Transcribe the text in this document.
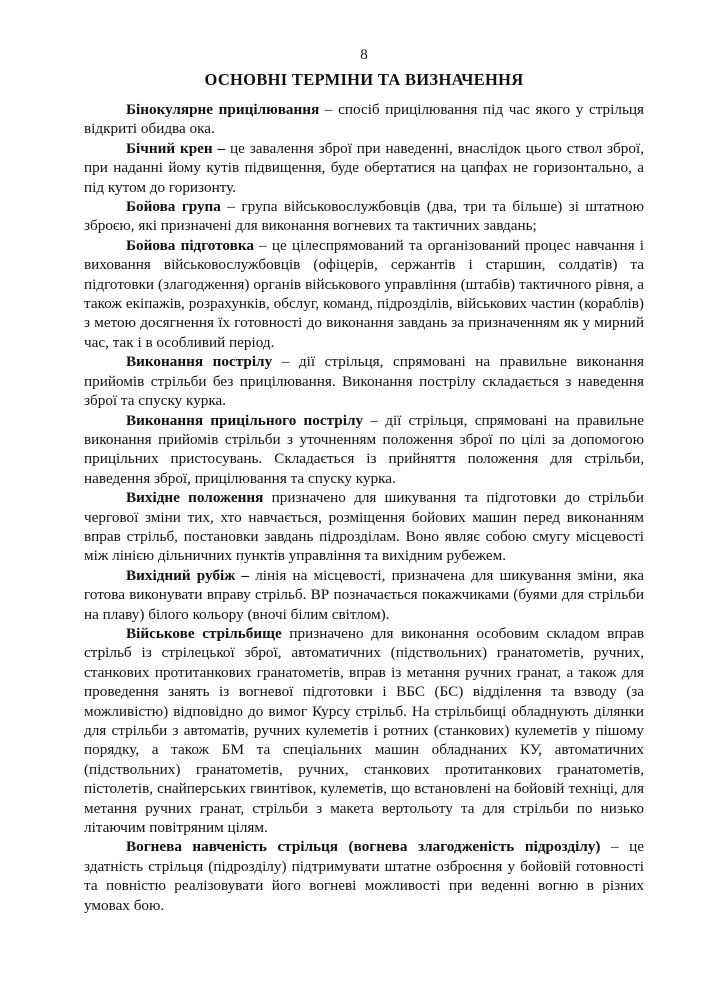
8
ОСНОВНІ ТЕРМІНИ ТА ВИЗНАЧЕННЯ

Бінокулярне прицілювання – спосіб прицілювання під час якого у стрільця відкриті обидва ока.

Бічний крен – це завалення зброї при наведенні, внаслідок цього ствол зброї, при наданні йому кутів підвищення, буде обертатися на цапфах не горизонтально, а під кутом до горизонту.

Бойова група – група військовослужбовців (два, три та більше) зі штатною зброєю, які призначені для виконання вогневих та тактичних завдань;

Бойова підготовка – це цілеспрямований та організований процес навчання і виховання військовослужбовців (офіцерів, сержантів і старшин, солдатів) та підготовки (злагодження) органів військового управління (штабів) тактичного рівня, а також екіпажів, розрахунків, обслуг, команд, підрозділів, військових частин (кораблів) з метою досягнення їх готовності до виконання завдань за призначенням як у мирний час, так і в особливий період.

Виконання пострілу – дії стрільця, спрямовані на правильне виконання прийомів стрільби без прицілювання. Виконання пострілу складається з наведення зброї та спуску курка.

Виконання прицільного пострілу – дії стрільця, спрямовані на правильне виконання прийомів стрільби з уточненням положення зброї по цілі за допомогою прицільних пристосувань. Складається із прийняття положення для стрільби, наведення зброї, прицілювання та спуску курка.

Вихідне положення призначено для шикування та підготовки до стрільби чергової зміни тих, хто навчається, розміщення бойових машин перед виконанням вправ стрільб, постановки завдань підрозділам. Воно являє собою смугу місцевості між лінією дільничних пунктів управління та вихідним рубежем.

Вихідний рубіж – лінія на місцевості, призначена для шикування зміни, яка готова виконувати вправу стрільб. ВР позначається покажчиками (буями для стрільби на плаву) білого кольору (вночі білим світлом).

Військове стрільбище призначено для виконання особовим складом вправ стрільб із стрілецької зброї, автоматичних (підствольних) гранатометів, ручних, станкових протитанкових гранатометів, вправ із метання ручних гранат, а також для проведення занять із вогневої підготовки і ВБС (БС) відділення та взводу (за можливістю) відповідно до вимог Курсу стрільб. На стрільбищі обладнують ділянки для стрільби з автоматів, ручних кулеметів і ротних (станкових) кулеметів у пішому порядку, а також БМ та спеціальних машин обладнаних КУ, автоматичних (підствольних) гранатометів, ручних, станкових протитанкових гранатометів, пістолетів, снайперських гвинтівок, кулеметів, що встановлені на бойовій техніці, для метання ручних гранат, стрільби з макета вертольоту та для стрільби по низько літаючим повітряним цілям.

Вогнева навченість стрільця (вогнева злагодженість підрозділу) – це здатність стрільця (підрозділу) підтримувати штатне озброєння у бойовій готовності та повністю реалізовувати його вогневі можливості при веденні вогню в різних умовах бою.
